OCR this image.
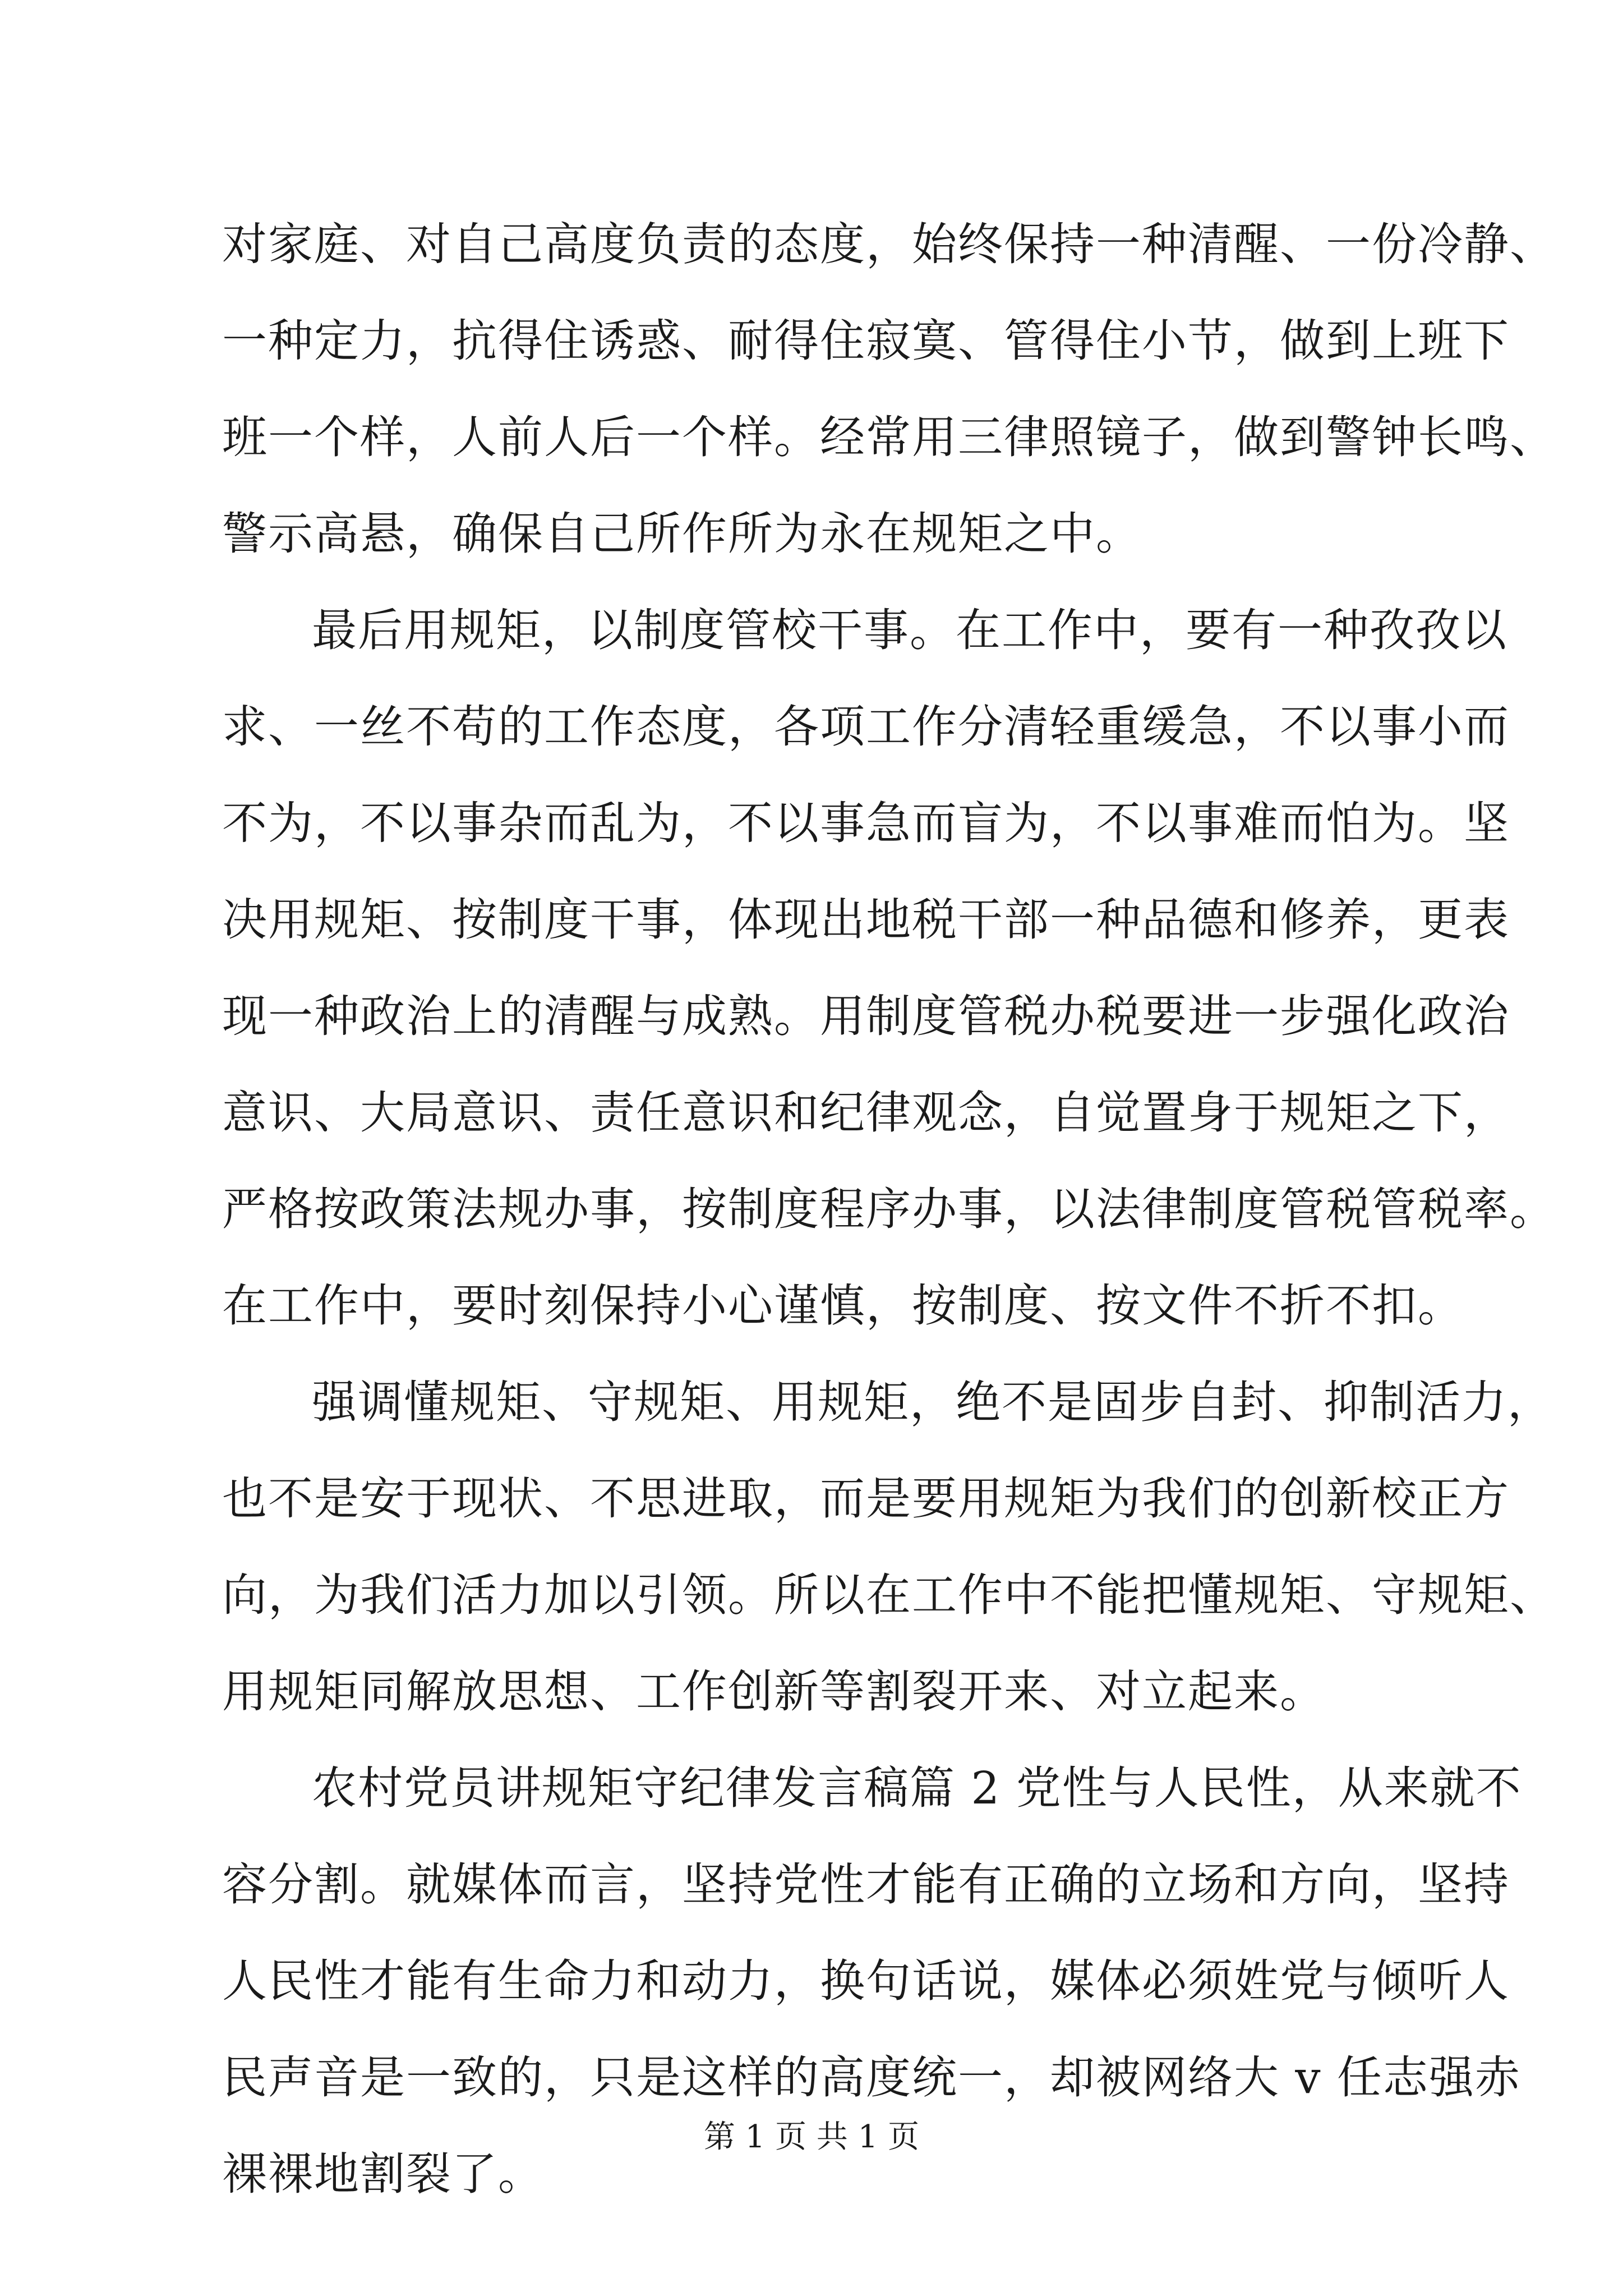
对家庭、对自己高度负责的态度，始终保持一种清醒、一份冷静、
一种定力，抗得住诱惑、耐得住寂寞、管得住小节，做到上班下
班一个样，人前人后一个样。经常用三律照镜子，做到警钟长鸣、
警示高悬，确保自己所作所为永在规矩之中。
最后用规矩，以制度管校干事。在工作中，要有一种孜孜以
求、一丝不苟的工作态度，各项工作分清轻重缓急，不以事小而
不为，不以事杂而乱为，不以事急而盲为，不以事难而怕为。坚
决用规矩、按制度干事，体现出地税干部一种品德和修养，更表
现一种政治上的清醒与成熟。用制度管税办税要进一步强化政治
意识、大局意识、责任意识和纪律观念，自觉置身于规矩之下，
严格按政策法规办事，按制度程序办事，以法律制度管税管税率。
在工作中，要时刻保持小心谨慎，按制度、按文件不折不扣。
强调懂规矩、守规矩、用规矩，绝不是固步自封、抑制活力，
也不是安于现状、不思进取，而是要用规矩为我们的创新校正方
向，为我们活力加以引领。所以在工作中不能把懂规矩、守规矩、
用规矩同解放思想、工作创新等割裂开来、对立起来。
农村党员讲规矩守纪律发言稿篇 2 党性与人民性，从来就不
容分割。就媒体而言，坚持党性才能有正确的立场和方向，坚持
人民性才能有生命力和动力，换句话说，媒体必须姓党与倾听人
民声音是一致的，只是这样的高度统一，却被网络大 v 任志强赤
裸裸地割裂了。
第 1 页 共 1 页
